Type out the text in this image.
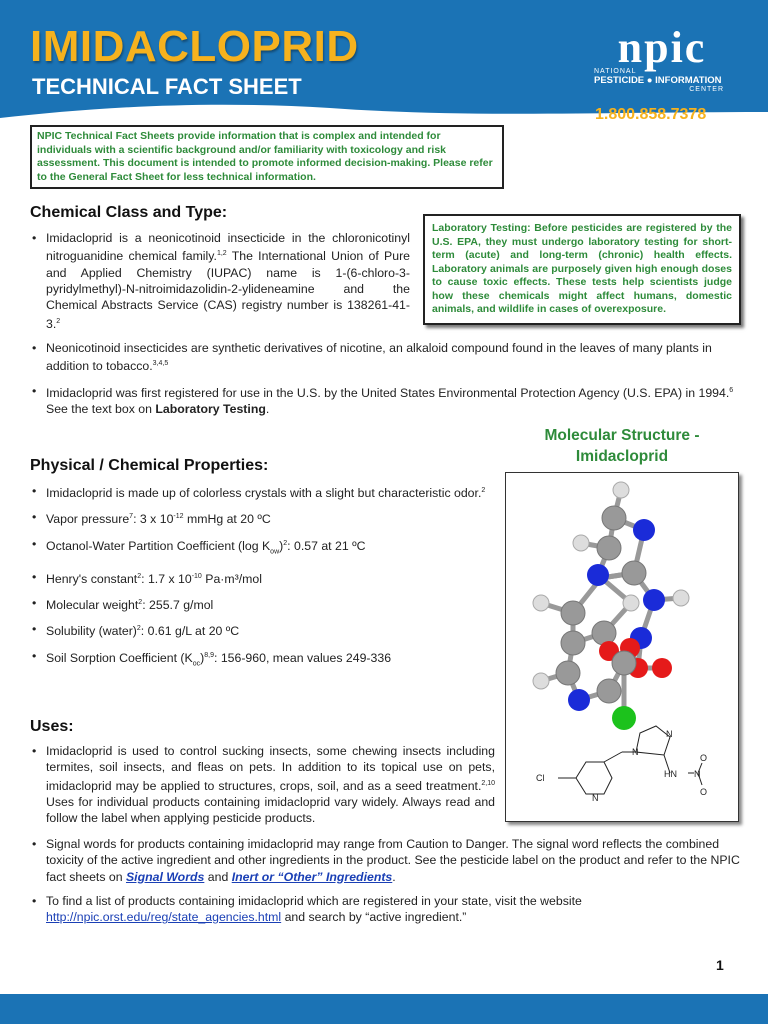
IMIDACLOPRID
TECHNICAL FACT SHEET
npic
NATIONAL
PESTICIDE ● INFORMATION
CENTER
1.800.858.7378
NPIC Technical Fact Sheets provide information that is complex and intended for individuals with a scientific background and/or familiarity with toxicology and risk assessment. This document is intended to promote informed decision-making. Please refer to the General Fact Sheet for less technical information.
Chemical Class and Type:
Laboratory Testing: Before pesticides are registered by the U.S. EPA, they must undergo laboratory testing for short-term (acute) and long-term (chronic) health effects. Laboratory animals are purposely given high enough doses to cause toxic effects. These tests help scientists judge how these chemicals might affect humans, domestic animals, and wildlife in cases of overexposure.
• Imidacloprid is a neonicotinoid insecticide in the chloronicotinyl nitroguanidine chemical family.$^{1,2}$ The International Union of Pure and Applied Chemistry (IUPAC) name is 1-(6-chloro-3-pyridylmethyl)-N-nitroimidazolidin-2-ylideneamine and the Chemical Abstracts Service (CAS) registry number is 138261-41-3.$^2$
• Neonicotinoid insecticides are synthetic derivatives of nicotine, an alkaloid compound found in the leaves of many plants in addition to tobacco.$^{3,4,5}$
• Imidacloprid was first registered for use in the U.S. by the United States Environmental Protection Agency (U.S. EPA) in 1994.$^6$ See the text box on Laboratory Testing.
Molecular Structure -
Imidacloprid
Cl
N
N
N
HN N
O
O
Physical / Chemical Properties:
• Imidacloprid is made up of colorless crystals with a slight but characteristic odor.$^2$
• Vapor pressure$^7$: 3 x $10^{-12}$ mmHg at 20 ºC
• Octanol-Water Partition Coefficient (log $K_{ow})^2$: 0.57 at 21 ºC
• Henry's constant$^2$: 1.7 x $10^{-10}$ Pa·m³/mol
• Molecular weight$^2$: 255.7 g/mol
• Solubility (water)$^2$: 0.61 g/L at 20 ºC
• Soil Sorption Coefficient $(K_{oc})^{8,9}$: 156-960, mean values 249-336
Uses:
• Imidacloprid is used to control sucking insects, some chewing insects including termites, soil insects, and fleas on pets. In addition to its topical use on pets, imidacloprid may be applied to structures, crops, soil, and as a seed treatment.$^{2,10}$ Uses for individual products containing imidacloprid vary widely. Always read and follow the label when applying pesticide products.
• Signal words for products containing imidacloprid may range from Caution to Danger. The signal word reflects the combined toxicity of the active ingredient and other ingredients in the product. See the pesticide label on the product and refer to the NPIC fact sheets on Signal Words and Inert or “Other” Ingredients.
• To find a list of products containing imidacloprid which are registered in your state, visit the website
http://npic.orst.edu/reg/state_agencies.html and search by “active ingredient.”
1
